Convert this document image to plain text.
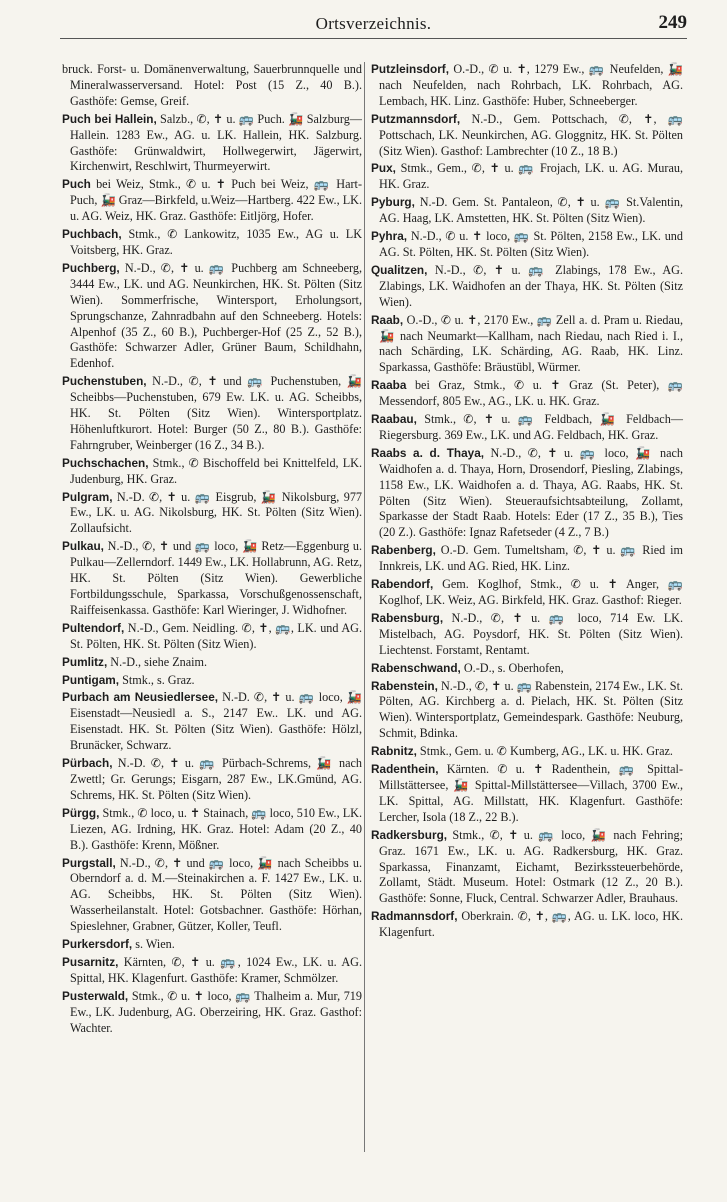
Ortsverzeichnis.	249

bruck. Forst- u. Domänenverwaltung, Sauerbrunnquelle und Mineralwasserversand. Hotel: Post (15 Z., 40 B.). Gasthöfe: Gemse, Greif.

Puch bei Hallein, Salzb., ✆, ✝ u. 🚌 Puch. 🚂 Salzburg—Hallein. 1283 Ew., AG. u. LK. Hallein, HK. Salzburg. Gasthöfe: Grünwaldwirt, Hollwegerwirt, Jägerwirt, Kirchenwirt, Reschlwirt, Thurmeyerwirt.

Puch bei Weiz, Stmk., ✆ u. ✝ Puch bei Weiz, 🚌 Hart-Puch, 🚂 Graz—Birkfeld, u.Weiz—Hartberg. 422 Ew., LK. u. AG. Weiz, HK. Graz. Gasthöfe: Eitljörg, Hofer.

Puchbach, Stmk., ✆ Lankowitz, 1035 Ew., AG u. LK Voitsberg, HK. Graz.

Puchberg, N.-D., ✆, ✝ u. 🚌 Puchberg am Schneeberg, 3444 Ew., LK. und AG. Neunkirchen, HK. St. Pölten (Sitz Wien). Sommerfrische, Wintersport, Erholungsort, Sprungschanze, Zahnradbahn auf den Schneeberg. Hotels: Alpenhof (35 Z., 60 B.), Puchberger-Hof (25 Z., 52 B.), Gasthöfe: Schwarzer Adler, Grüner Baum, Schildhahn, Edenhof.

Puchenstuben, N.-D., ✆, ✝ und 🚌 Puchenstuben, 🚂 Scheibbs—Puchenstuben, 679 Ew. LK. u. AG. Scheibbs, HK. St. Pölten (Sitz Wien). Wintersportplatz. Höhenluftkurort. Hotel: Burger (50 Z., 80 B.). Gasthöfe: Fahrngruber, Weinberger (16 Z., 34 B.).

Puchschachen, Stmk., ✆ Bischoffeld bei Knittelfeld, LK. Judenburg, HK. Graz.

Pulgram, N.-D. ✆, ✝ u. 🚌 Eisgrub, 🚂 Nikolsburg, 977 Ew., LK. u. AG. Nikolsburg, HK. St. Pölten (Sitz Wien). Zollaufsicht.

Pulkau, N.-D., ✆, ✝ und 🚌 loco, 🚂 Retz—Eggenburg u. Pulkau—Zellerndorf. 1449 Ew., LK. Hollabrunn, AG. Retz, HK. St. Pölten (Sitz Wien). Gewerbliche Fortbildungsschule, Sparkassa, Vorschußgenossenschaft, Raiffeisenkassa. Gasthöfe: Karl Wieringer, J. Widhofner.

Pultendorf, N.-D., Gem. Neidling. ✆, ✝, 🚌, LK. und AG. St. Pölten, HK. St. Pölten (Sitz Wien).

Pumlitz, N.-D., siehe Znaim.

Puntigam, Stmk., s. Graz.

Purbach am Neusiedlersee, N.-D. ✆, ✝ u. 🚌 loco, 🚂 Eisenstadt—Neusiedl a. S., 2147 Ew.. LK. und AG. Eisenstadt. HK. St. Pölten (Sitz Wien). Gasthöfe: Hölzl, Brunäcker, Schwarz.

Pürbach, N.-D. ✆, ✝ u. 🚌 Pürbach-Schrems, 🚂 nach Zwettl; Gr. Gerungs; Eisgarn, 287 Ew., LK.Gmünd, AG. Schrems, HK. St. Pölten (Sitz Wien).

Pürgg, Stmk., ✆ loco, u. ✝ Stainach, 🚌 loco, 510 Ew., LK. Liezen, AG. Irdning, HK. Graz. Hotel: Adam (20 Z., 40 B.). Gasthöfe: Krenn, Mößner.

Purgstall, N.-D., ✆, ✝ und 🚌 loco, 🚂 nach Scheibbs u. Oberndorf a. d. M.—Steinakirchen a. F. 1427 Ew., LK. u. AG. Scheibbs, HK. St. Pölten (Sitz Wien). Wasserheilanstalt. Hotel: Gotsbachner. Gasthöfe: Hörhan, Spieslehner, Grabner, Gützer, Koller, Teufl.

Purkersdorf, s. Wien.

Pusarnitz, Kärnten, ✆, ✝ u. 🚌, 1024 Ew., LK. u. AG. Spittal, HK. Klagenfurt. Gasthöfe: Kramer, Schmölzer.

Pusterwald, Stmk., ✆ u. ✝ loco, 🚌 Thalheim a. Mur, 719 Ew., LK. Judenburg, AG. Oberzeiring, HK. Graz. Gasthof: Wachter.

Putzleinsdorf, O.-D., ✆ u. ✝, 1279 Ew., 🚌 Neufelden, 🚂 nach Neufelden, nach Rohrbach, LK. Rohrbach, AG. Lembach, HK. Linz. Gasthöfe: Huber, Schneeberger.

Putzmannsdorf, N.-D., Gem. Pottschach, ✆, ✝, 🚌 Pottschach, LK. Neunkirchen, AG. Gloggnitz, HK. St. Pölten (Sitz Wien). Gasthof: Lambrechter (10 Z., 18 B.)

Pux, Stmk., Gem., ✆, ✝ u. 🚌 Frojach, LK. u. AG. Murau, HK. Graz.

Pyburg, N.-D. Gem. St. Pantaleon, ✆, ✝ u. 🚌 St.Valentin, AG. Haag, LK. Amstetten, HK. St. Pölten (Sitz Wien).

Pyhra, N.-D., ✆ u. ✝ loco, 🚌 St. Pölten, 2158 Ew., LK. und AG. St. Pölten, HK. St. Pölten (Sitz Wien).

Qualitzen, N.-D., ✆, ✝ u. 🚌 Zlabings, 178 Ew., AG. Zlabings, LK. Waidhofen an der Thaya, HK. St. Pölten (Sitz Wien).

Raab, O.-D., ✆ u. ✝, 2170 Ew., 🚌 Zell a. d. Pram u. Riedau, 🚂 nach Neumarkt—Kallham, nach Riedau, nach Ried i. I., nach Schärding, LK. Schärding, AG. Raab, HK. Linz. Sparkassa, Gasthöfe: Bräustübl, Würmer.

Raaba bei Graz, Stmk., ✆ u. ✝ Graz (St. Peter), 🚌 Messendorf, 805 Ew., AG., LK. u. HK. Graz.

Raabau, Stmk., ✆, ✝ u. 🚌 Feldbach, 🚂 Feldbach—Riegersburg. 369 Ew., LK. und AG. Feldbach, HK. Graz.

Raabs a. d. Thaya, N.-D., ✆, ✝ u. 🚌 loco, 🚂 nach Waidhofen a. d. Thaya, Horn, Drosendorf, Piesling, Zlabings, 1158 Ew., LK. Waidhofen a. d. Thaya, AG. Raabs, HK. St. Pölten (Sitz Wien). Steueraufsichtsabteilung, Zollamt, Sparkasse der Stadt Raab. Hotels: Eder (17 Z., 35 B.), Ties (20 Z.). Gasthöfe: Ignaz Rafetseder (4 Z., 7 B.)

Rabenberg, O.-D. Gem. Tumeltsham, ✆, ✝ u. 🚌 Ried im Innkreis, LK. und AG. Ried, HK. Linz.

Rabendorf, Gem. Koglhof, Stmk., ✆ u. ✝ Anger, 🚌 Koglhof, LK. Weiz, AG. Birkfeld, HK. Graz. Gasthof: Rieger.

Rabensburg, N.-D., ✆, ✝ u. 🚌 loco, 714 Ew. LK. Mistelbach, AG. Poysdorf, HK. St. Pölten (Sitz Wien). Liechtenst. Forstamt, Rentamt.

Rabenschwand, O.-D., s. Oberhofen,

Rabenstein, N.-D., ✆, ✝ u. 🚌 Rabenstein, 2174 Ew., LK. St. Pölten, AG. Kirchberg a. d. Pielach, HK. St. Pölten (Sitz Wien). Wintersportplatz, Gemeindespark. Gasthöfe: Neuburg, Schmit, Bdinka.

Rabnitz, Stmk., Gem. u. ✆ Kumberg, AG., LK. u. HK. Graz.

Radenthein, Kärnten. ✆ u. ✝ Radenthein, 🚌 Spittal-Millstättersee, 🚂 Spittal-Millstättersee—Villach, 3700 Ew., LK. Spittal, AG. Millstatt, HK. Klagenfurt. Gasthöfe: Lercher, Isola (18 Z., 22 B.).

Radkersburg, Stmk., ✆, ✝ u. 🚌 loco, 🚂 nach Fehring; Graz. 1671 Ew., LK. u. AG. Radkersburg, HK. Graz. Sparkassa, Finanzamt, Eichamt, Bezirkssteuerbehörde, Zollamt, Städt. Museum. Hotel: Ostmark (12 Z., 20 B.). Gasthöfe: Sonne, Fluck, Central. Schwarzer Adler, Brauhaus.

Radmannsdorf, Oberkrain. ✆, ✝, 🚌, AG. u. LK. loco, HK. Klagenfurt.
